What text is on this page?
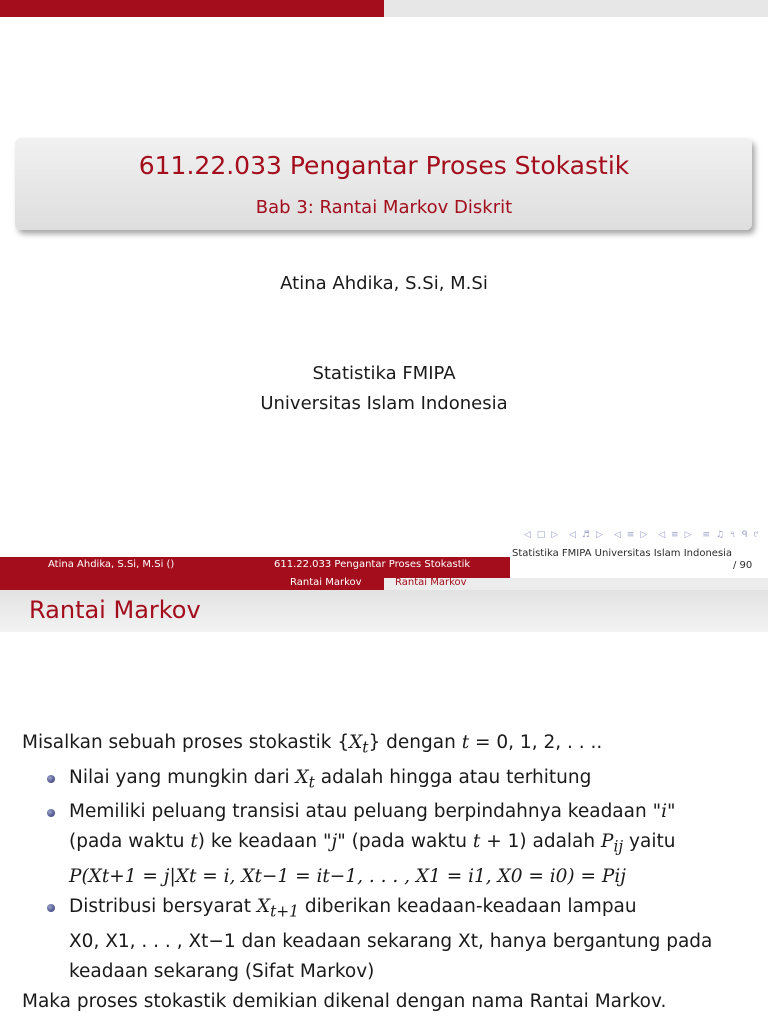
611.22.033 Pengantar Proses Stokastik
Bab 3: Rantai Markov Diskrit
Atina Ahdika, S.Si, M.Si
Statistika FMIPA
Universitas Islam Indonesia
◁ □ ▷ ◁ ♬ ▷ ◁ ≡ ▷ ◁ ≡ ▷ ≡ ♫ ৭ ᑫ ୯
Atina Ahdika, S.Si, M.Si ()	611.22.033 Pengantar Proses Stokastik
Statistika FMIPA Universitas Islam Indonesia
/ 90
Rantai Markov	Rantai Markov
Rantai Markov
Misalkan sebuah proses stokastik $\{X_t\}$ dengan t = 0, 1, 2, . . ..
Nilai yang mungkin dari $X_t$ adalah hingga atau terhitung
Memiliki peluang transisi atau peluang berpindahnya keadaan "i"
(pada waktu t) ke keadaan "j" (pada waktu t + 1) adalah $P_{ij}$ yaitu
P(Xt+1 = j|Xt = i, Xt−1 = it−1, . . . , X1 = i1, X0 = i0) = Pij
Distribusi bersyarat $X_{t+1}$ diberikan keadaan-keadaan lampau
X0, X1, . . . , Xt−1 dan keadaan sekarang Xt, hanya bergantung pada
keadaan sekarang (Sifat Markov)
Maka proses stokastik demikian dikenal dengan nama Rantai Markov.
